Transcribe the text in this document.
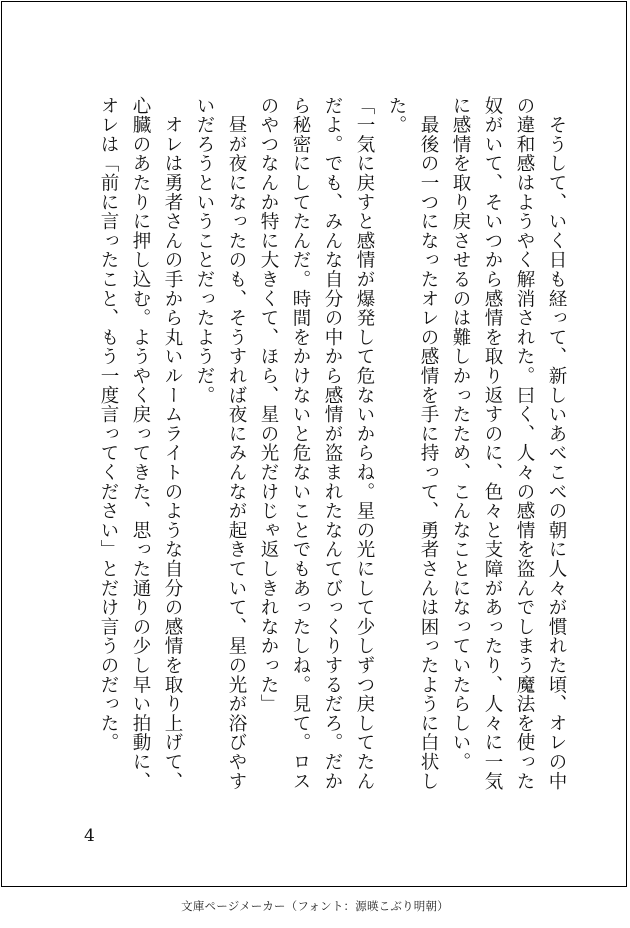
　そうして、いく日も経って、新しいあべこべの朝に人々が慣れた頃、オレの中
の違和感はようやく解消された。曰く、人々の感情を盗んでしまう魔法を使った
奴がいて、そいつから感情を取り返すのに、色々と支障があったり、人々に一気
に感情を取り戻させるのは難しかったため、こんなことになっていたらしい。
　最後の一つになったオレの感情を手に持って、勇者さんは困ったように白状し
た。
「一気に戻すと感情が爆発して危ないからね。星の光にして少しずつ戻してたん
だよ。でも、みんな自分の中から感情が盗まれたなんてびっくりするだろ。だか
ら秘密にしてたんだ。時間をかけないと危ないことでもあったしね。見て。ロス
のやつなんか特に大きくて、ほら、星の光だけじゃ返しきれなかった」
　昼が夜になったのも、そうすれば夜にみんなが起きていて、星の光が浴びやす
いだろうということだったようだ。
　オレは勇者さんの手から丸いルームライトのような自分の感情を取り上げて、
心臓のあたりに押し込む。ようやく戻ってきた、思った通りの少し早い拍動に、
オレは「前に言ったこと、もう一度言ってください」とだけ言うのだった。
4
文庫ページメーカー（フォント：源暎こぶり明朝）
